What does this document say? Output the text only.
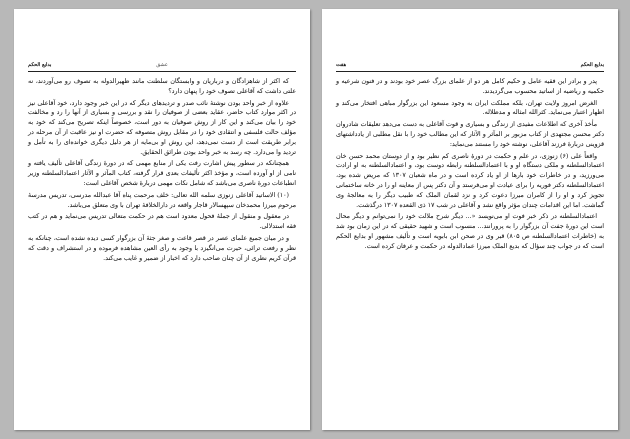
بدایع الحکم	عشق

که اکثر از شاهزادگان و درباریان و وابستگان سلطنت مانند ظهیرالدوله به تصوف رو می‌آوردند، نه علتی داشت که آقاعلی تصوف خود را پنهان دارد؟

علاوه از خبر واحد بودن نوشتهٔ نائب صدر و تردیدهای دیگر که در این خبر وجود دارد، خود آقاعلی نیز در اکثر موارد کتاب حاضر، عقاید بعضی از صوفیان را نقد و بررسی و بسیاری از آنها را رد و مخالفت خود را بیان می‌کند و این کار از روش صوفیان به دور است، خصوصاً اینکه تصریح می‌کند که خود به مؤلف حالت فلسفی و انتقادی خود را در مقابل روش متصوفه که حضرت او نیز عاقبت از آن مرحله در برابر طریقت است از دست نمی‌دهد، این روش او بی‌مایه از هر دلیل دیگری خوانده‌ای را به تأمل و تردید وا می‌دارد. چه رسد به خبر واحد بودن طرائق الحقایق.

همچنانکه در سطور پیش اشارت رفت یکی از منابع مهمی که در دورهٔ زندگی آقاعلی تألیف یافته و نامی از او آورده است، و مؤخذ اکثر تألیفات بعدی قرار گرفته، کتاب المآثر و الآثار اعتمادالسلطنه وزیر انطباعات دورهٔ ناصری می‌باشد که شامل نکات مهمی دربارهٔ شخص آقاعلی است:

(۱۰) الاساتید آقاعلی زنوزی سلمه الله تعالی: خلف مرحمت پناه آقا عبدالله مدرسی، تدریس مدرسهٔ مرحوم میرزا محمدخان سپهسالار قاجار واقعه در دارالخلافهٔ تهران با وی متعلق می‌باشد.

در معقول و منقول از جملهٔ فحول معدود است هم در حکمت متعالی تدریس می‌نماید و هم در کتب فقه استدلالی.

و در میان جمیع علمای عصر در قصر قاعت و صغر جثهٔ آن بزرگوار کسی دیده نشده است، چنانکه به نظر و رفعت ترائی، حیرت می‌انگیزد با وجود به رأی العین مشاهده فرموده و در استشراف و دقت که قرآن کریم نظری از آن چنان صاحب دارد که اخبار از ضمیر و غایب می‌کند.

هفت	بدایع الحکم

پدر و برادر این فقیه عامل و حکیم کامل هر دو از علمای بزرگ عصر خود بودند و در فنون شرعیه و حکمیه و ریاضیه از اساتید محسوب می‌گردیدند.

الغرض امروز ولایت تهران، بلکه مملکت ایران به وجود مسعود این بزرگوار مباهی افتخار می‌کند و اظهار اعتبار می‌نماید. کثرالله امثاله و مدظلاله.

مأخذ آخری که اطلاعات مفیدی از زندگی و بسیاری و قوت آقاعلی به دست می‌دهد تعلیقات شادروان دکتر محسن مجتهدی از کتاب مزبور بر المآثر و الآثار که این مطالب خود را با نقل مطلبی از یادداشتهای قزوینی دربارهٔ فرزند آقاعلی، نوشته خود را مستند می‌نماید:

واقعاً علی (۶) زنوزی، در علم و حکمت در دورهٔ ناصری کم نظیر بود و از دوستان محمد حسن خان اعتمادالسلطنه و ملکی دستگاه او و با اعتمادالسلطنه رابطه دوست بود، و اعتمادالسلطنه به او ارادت می‌ورزید، و در خاطرات خود بارها از او یاد کرده است و در ماه شعبان ۱۳۰۷ که مریض شده بود، اعتمادالسلطنه دکتر فوریه را برای عیادت او می‌فرستد و آن دکتر پس از معاینه او را در خانه ساختمانی تجویز کرد و او را از کامران میرزا دعوت کرد و نزد لقمان الملک که طبیب دیگر را به معالجهٔ وی گماشت. اما این اقدامات چندان مؤثر واقع نشد و آقاعلی در شب ۱۷ ذی القعده ۱۳۰۷ درگذشت.

اعتمادالسلطنه در ذکر خبر فوت او می‌نویسد «... دیگر شرح ملالت خود را نمی‌توانم و دیگر محال است این دورهٔ جفت آن بزرگوار را به پرورانند... منسوب است و شهید حقیقی که در این زمان بود شد به (خاطرات اعتمادالسلطنه ص ۸۰۵) قبر وی در صحن ابن بابویه است و تألیف مشهور او بدایع الحکم است که در جواب چند سؤال که بدیع الملک میرزا عمادالدوله در حکمت و عرفان کرده است.
